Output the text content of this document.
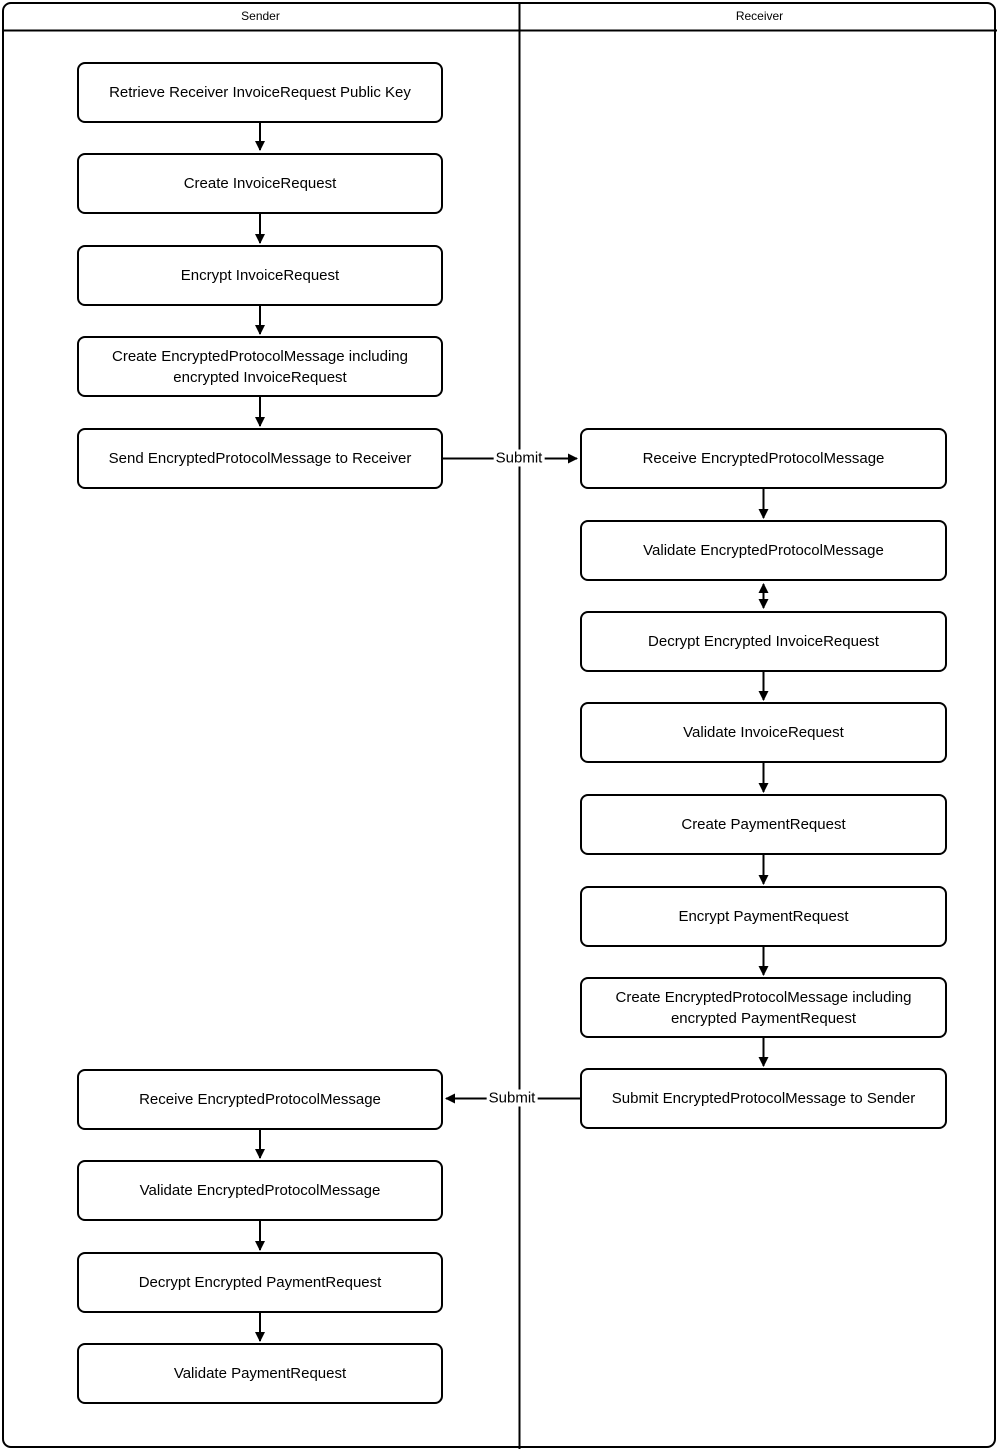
Sender	Receiver
Retrieve Receiver InvoiceRequest Public Key
Create InvoiceRequest
Encrypt InvoiceRequest
Create EncryptedProtocolMessage including encrypted InvoiceRequest
Send EncryptedProtocolMessage to Receiver
Receive EncryptedProtocolMessage
Validate EncryptedProtocolMessage
Decrypt Encrypted PaymentRequest
Validate PaymentRequest
Receive EncryptedProtocolMessage
Validate EncryptedProtocolMessage
Decrypt Encrypted InvoiceRequest
Validate InvoiceRequest
Create PaymentRequest
Encrypt PaymentRequest
Create EncryptedProtocolMessage including encrypted PaymentRequest
Submit EncryptedProtocolMessage to Sender
Submit
Submit
